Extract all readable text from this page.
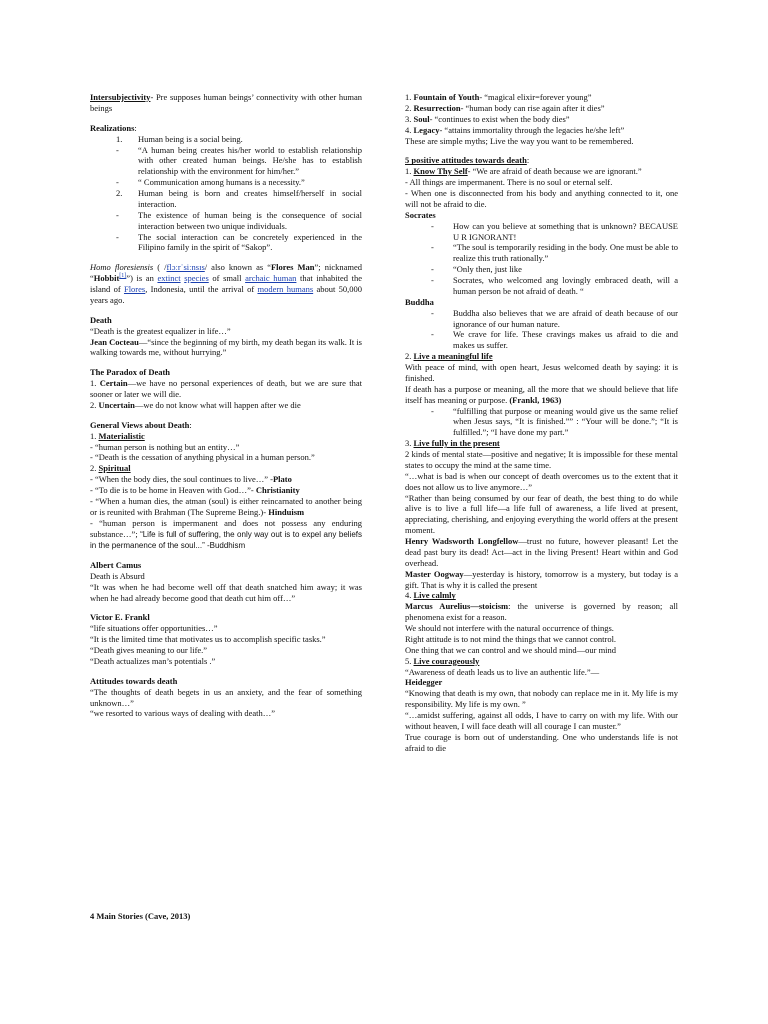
Intersubjectivity- Pre supposes human beings’ connectivity with other human beings

Realizations:

1.	Human being is a social being.
-	“A human being creates his/her world to establish relationship with other created human beings. He/she has to establish relationship with the environment for him/her.”
-	“ Communication among humans is a necessity.”
2.	Human being is born and creates himself/herself in social interaction.
-	The existence of human being is the consequence of social interaction between two unique individuals.
-	The social interaction can be concretely experienced in the Filipino family in the spirit of “Sakop”.

Homo floresiensis ( /flɔːrˈsiːnsɪs/ also known as “Flores Man”; nicknamed “Hobbit[1]”) is an extinct species of small archaic human that inhabited the island of Flores, Indonesia, until the arrival of modern humans about 50,000 years ago.

Death

“Death is the greatest equalizer in life…”

Jean Cocteau—“since the beginning of my birth, my death began its walk. It is walking towards me, without hurrying.”

The Paradox of Death

1. Certain—we have no personal experiences of death, but we are sure that sooner or later we will die.

2. Uncertain—we do not know what will happen after we die

General Views about Death:

1. Materialistic

- “human person is nothing but an entity…”

- “Death is the cessation of anything physical in a human person.”

2. Spiritual

- “When the body dies, the soul continues to live…” -Plato

- “To die is to be home in Heaven with God…”- Christianity

- “When a human dies, the atman (soul) is either reincarnated to another being or is reunited with Brahman (The Supreme Being.)- Hinduism

- “human person is impermanent and does not possess any enduring substance…”; “Life is full of suffering, the only way out is to expel any beliefs in the permanence of the soul...” -Buddhism

Albert Camus

Death is Absurd

“It was when he had become well off that death snatched him away; it was when he had already become good that death cut him off…”

Victor E. Frankl

“life situations offer opportunities…”

“It is the limited time that motivates us to accomplish specific tasks.”

“Death gives meaning to our life.”

“Death actualizes man’s potentials .”

Attitudes towards death

“The thoughts of death begets in us an anxiety, and the fear of something unknown…”

“we resorted to various ways of dealing with death…”

4 Main Stories (Cave, 2013)

1. Fountain of Youth- “magical elixir=forever young”

2. Resurrection- “human body can rise again after it dies”

3. Soul- “continues to exist when the body dies”

4. Legacy- “attains immortality through the legacies he/she left”

These are simple myths; Live the way you want to be remembered.

5 positive attitudes towards death:

1. Know Thy Self- “We are afraid of death because we are ignorant.”

- All things are impermanent. There is no soul or eternal self.

- When one is disconnected from his body and anything connected to it, one will not be afraid to die.

Socrates

-	How can you believe at something that is unknown? BECAUSE U R IGNORANT!
-	“The soul is temporarily residing in the body. One must be able to realize this truth rationally.”
-	“Only then, just like
-	Socrates, who welcomed ang lovingly embraced death, will a human person be not afraid of death. “

Buddha

-	Buddha also believes that we are afraid of death because of our ignorance of our human nature.
-	We crave for life. These cravings makes us afraid to die and makes us suffer.

2. Live a meaningful life

With peace of mind, with open heart, Jesus welcomed death by saying: it is finished.

If death has a purpose or meaning, all the more that we should believe that life itself has meaning or purpose. (Frankl, 1963)

-	“fulfilling that purpose or meaning would give us the same relief when Jesus says, “It is finished.”” : “Your will be done.”; “It is fulfilled.”; “I have done my part.”

3. Live fully in the present

2 kinds of mental state—positive and negative; It is impossible for these mental states to occupy the mind at the same time.

“…what is bad is when our concept of death overcomes us to the extent that it does not allow us to live anymore…”

“Rather than being consumed by our fear of death, the best thing to do while alive is to live a full life—a life full of awareness, a life lived at present, appreciating, cherishing, and enjoying everything the world offers at the present moment.

Henry Wadsworth Longfellow—trust no future, however pleasant! Let the dead past bury its dead! Act—act in the living Present! Heart within and God overhead.

Master Oogway—yesterday is history, tomorrow is a mystery, but today is a gift. That is why it is called the present

4. Live calmly

Marcus Aurelius—stoicism: the universe is governed by reason; all phenomena exist for a reason.

We should not interfere with the natural occurrence of things.

Right attitude is to not mind the things that we cannot control.

One thing that we can control and we should mind—our mind

5. Live courageously

“Awareness of death leads us to live an authentic life.”—

Heidegger

“Knowing that death is my own, that nobody can replace me in it. My life is my responsibility. My life is my own. ”

“…amidst suffering, against all odds, I have to carry on with my life. With our without heaven, I will face death will all courage I can muster.”

True courage is born out of understanding. One who understands life is not afraid to die
